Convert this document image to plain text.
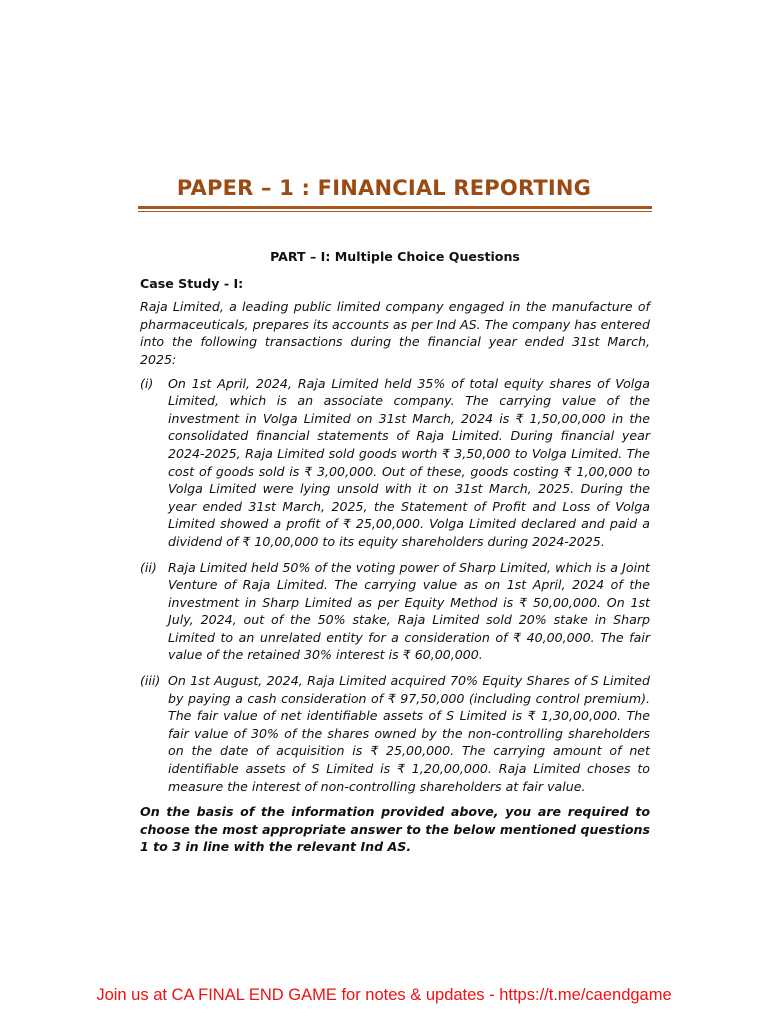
PAPER – 1 : FINANCIAL REPORTING
PART – I: Multiple Choice Questions
Case Study - I:
Raja Limited, a leading public limited company engaged in the manufacture of pharmaceuticals, prepares its accounts as per Ind AS. The company has entered into the following transactions during the financial year ended 31st March, 2025:
(i)	On 1st April, 2024, Raja Limited held 35% of total equity shares of Volga Limited, which is an associate company. The carrying value of the investment in Volga Limited on 31st March, 2024 is ₹ 1,50,00,000 in the consolidated financial statements of Raja Limited. During financial year 2024-2025, Raja Limited sold goods worth ₹ 3,50,000 to Volga Limited. The cost of goods sold is ₹ 3,00,000. Out of these, goods costing ₹ 1,00,000 to Volga Limited were lying unsold with it on 31st March, 2025. During the year ended 31st March, 2025, the Statement of Profit and Loss of Volga Limited showed a profit of ₹ 25,00,000. Volga Limited declared and paid a dividend of ₹ 10,00,000 to its equity shareholders during 2024-2025.
(ii) Raja Limited held 50% of the voting power of Sharp Limited, which is a Joint Venture of Raja Limited. The carrying value as on 1st April, 2024 of the investment in Sharp Limited as per Equity Method is ₹ 50,00,000. On 1st July, 2024, out of the 50% stake, Raja Limited sold 20% stake in Sharp Limited to an unrelated entity for a consideration of ₹ 40,00,000. The fair value of the retained 30% interest is ₹ 60,00,000.
(iii) On 1st August, 2024, Raja Limited acquired 70% Equity Shares of S Limited by paying a cash consideration of ₹ 97,50,000 (including control premium). The fair value of net identifiable assets of S Limited is ₹ 1,30,00,000. The fair value of 30% of the shares owned by the non-controlling shareholders on the date of acquisition is ₹ 25,00,000. The carrying amount of net identifiable assets of S Limited is ₹ 1,20,00,000. Raja Limited choses to measure the interest of non-controlling shareholders at fair value.
On the basis of the information provided above, you are required to choose the most appropriate answer to the below mentioned questions 1 to 3 in line with the relevant Ind AS.
Join us at CA FINAL END GAME for notes & updates - https://t.me/caendgame
